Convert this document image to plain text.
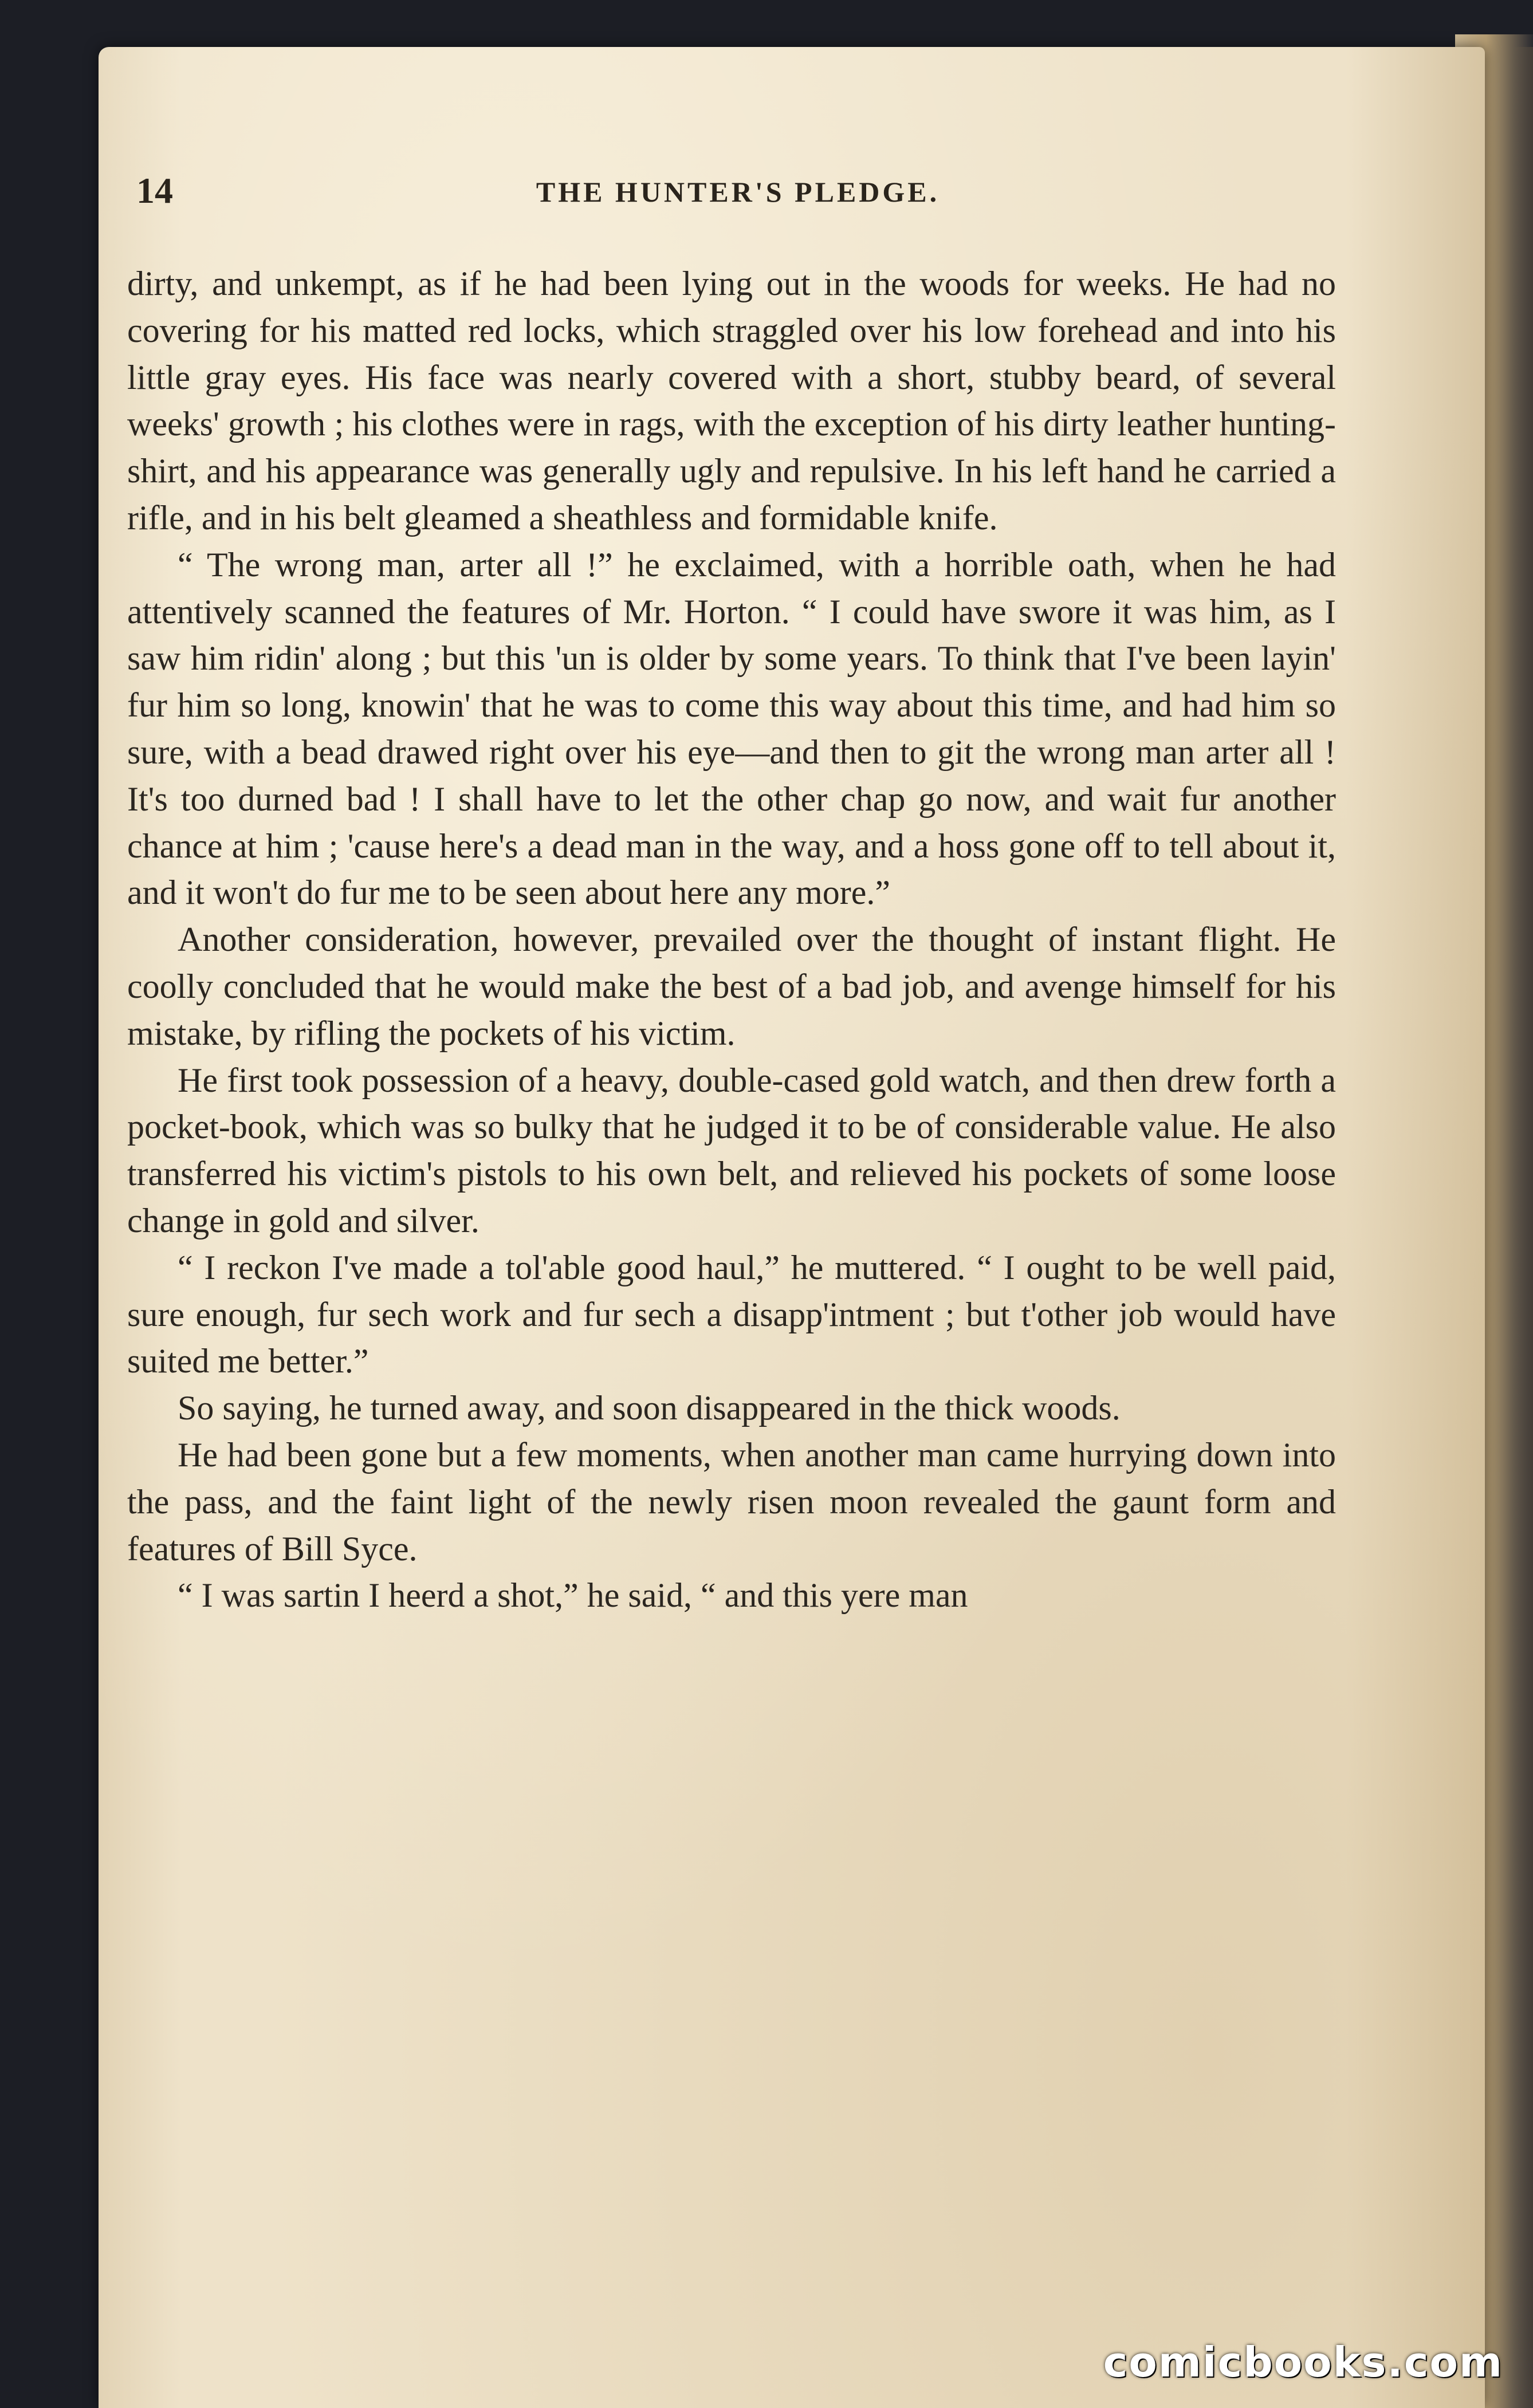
14	THE HUNTER'S PLEDGE.

dirty, and unkempt, as if he had been lying out in the woods for weeks. He had no covering for his matted red locks, which straggled over his low forehead and into his little gray eyes. His face was nearly covered with a short, stubby beard, of several weeks' growth ; his clothes were in rags, with the exception of his dirty leather hunting-shirt, and his appearance was generally ugly and repulsive. In his left hand he carried a rifle, and in his belt gleamed a sheathless and formidable knife.

“ The wrong man, arter all !” he exclaimed, with a horrible oath, when he had attentively scanned the features of Mr. Horton. “ I could have swore it was him, as I saw him ridin' along ; but this 'un is older by some years. To think that I've been layin' fur him so long, knowin' that he was to come this way about this time, and had him so sure, with a bead drawed right over his eye—and then to git the wrong man arter all ! It's too durned bad ! I shall have to let the other chap go now, and wait fur another chance at him ; 'cause here's a dead man in the way, and a hoss gone off to tell about it, and it won't do fur me to be seen about here any more.”

Another consideration, however, prevailed over the thought of instant flight. He coolly concluded that he would make the best of a bad job, and avenge himself for his mistake, by rifling the pockets of his victim.

He first took possession of a heavy, double-cased gold watch, and then drew forth a pocket-book, which was so bulky that he judged it to be of considerable value. He also transferred his victim's pistols to his own belt, and relieved his pockets of some loose change in gold and silver.

“ I reckon I've made a tol'able good haul,” he muttered. “ I ought to be well paid, sure enough, fur sech work and fur sech a disapp'intment ; but t'other job would have suited me better.”

So saying, he turned away, and soon disappeared in the thick woods.

He had been gone but a few moments, when another man came hurrying down into the pass, and the faint light of the newly risen moon revealed the gaunt form and features of Bill Syce.

“ I was sartin I heerd a shot,” he said, “ and this yere man

comicbooks.com
